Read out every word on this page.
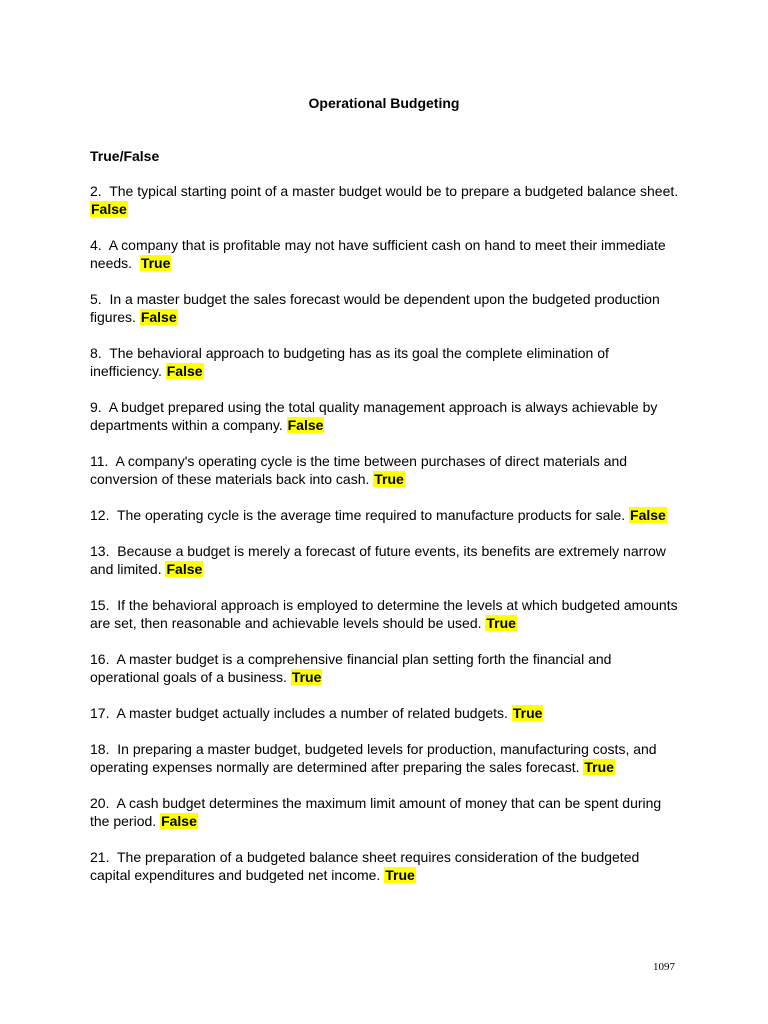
Operational Budgeting
True/False
2. The typical starting point of a master budget would be to prepare a budgeted balance sheet. False
4. A company that is profitable may not have sufficient cash on hand to meet their immediate needs. True
5. In a master budget the sales forecast would be dependent upon the budgeted production figures. False
8. The behavioral approach to budgeting has as its goal the complete elimination of inefficiency. False
9. A budget prepared using the total quality management approach is always achievable by departments within a company. False
11. A company's operating cycle is the time between purchases of direct materials and conversion of these materials back into cash. True
12. The operating cycle is the average time required to manufacture products for sale. False
13. Because a budget is merely a forecast of future events, its benefits are extremely narrow and limited. False
15. If the behavioral approach is employed to determine the levels at which budgeted amounts are set, then reasonable and achievable levels should be used. True
16. A master budget is a comprehensive financial plan setting forth the financial and operational goals of a business. True
17. A master budget actually includes a number of related budgets. True
18. In preparing a master budget, budgeted levels for production, manufacturing costs, and operating expenses normally are determined after preparing the sales forecast. True
20. A cash budget determines the maximum limit amount of money that can be spent during the period. False
21. The preparation of a budgeted balance sheet requires consideration of the budgeted capital expenditures and budgeted net income. True
1097
